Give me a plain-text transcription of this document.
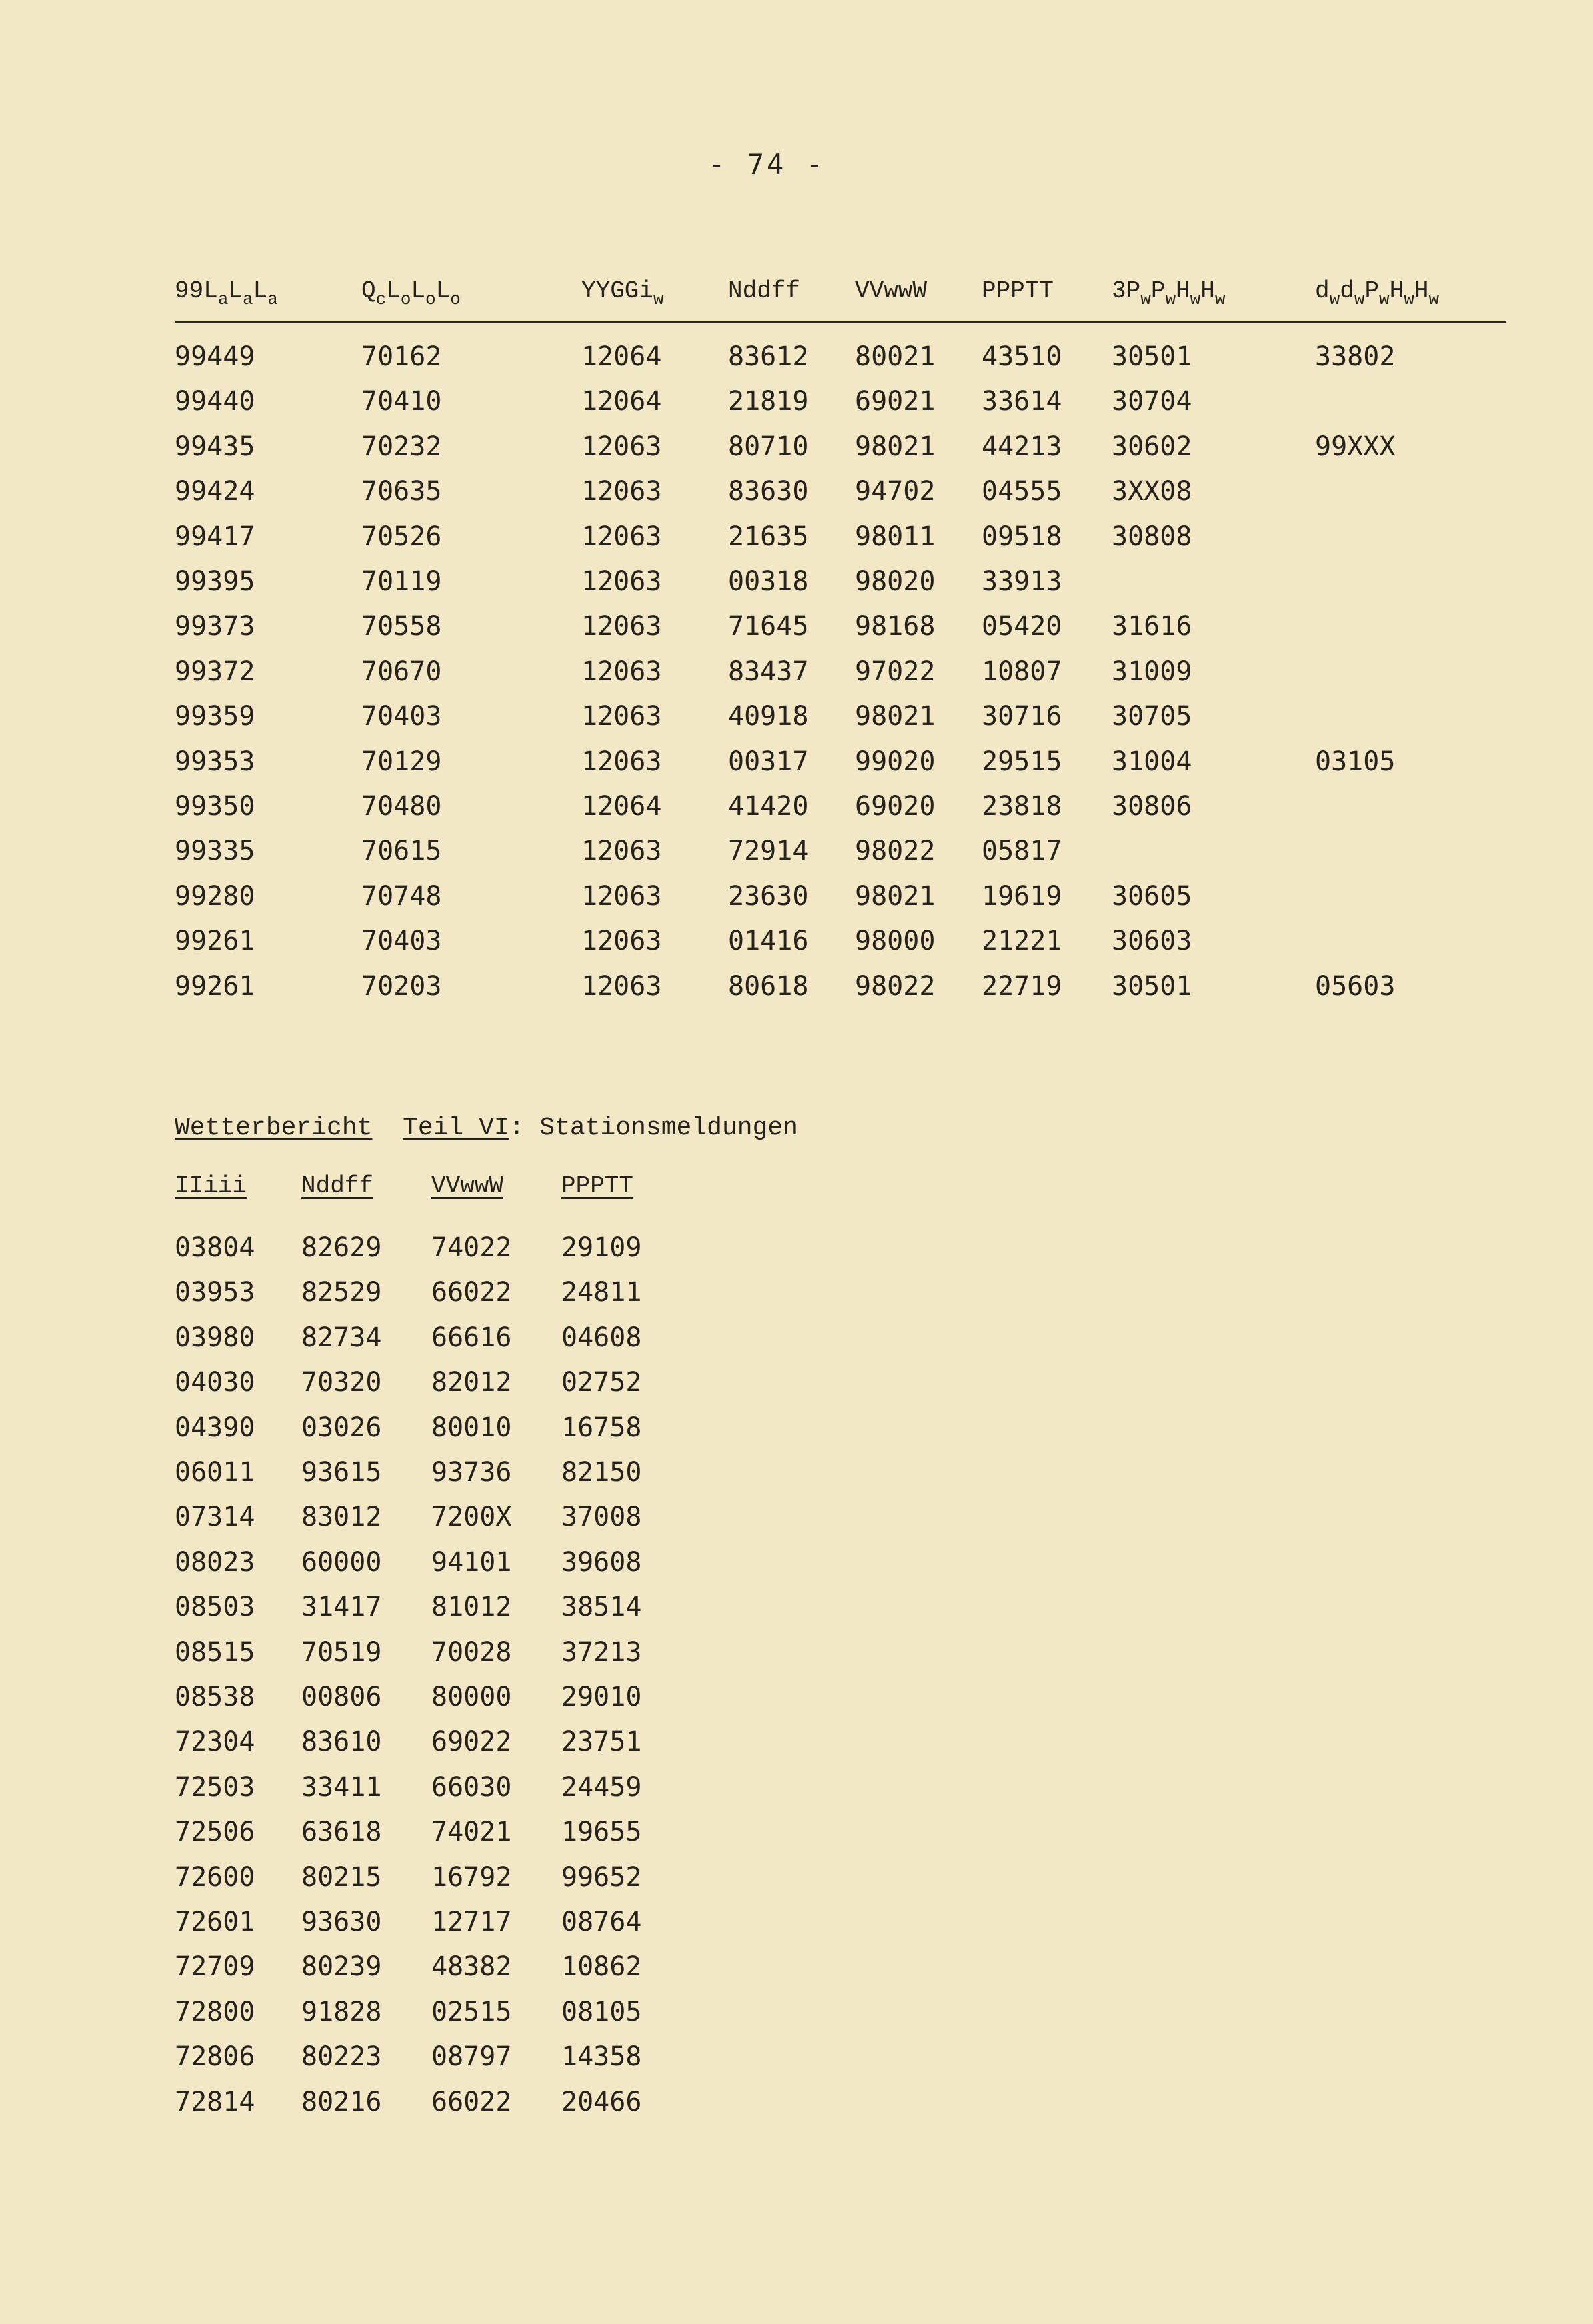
- 74 -
$99L_aL_aL_a$	$Q_cL_oL_oL_o$	YYGGi$_w$	Nddff VVwwW PPPTT $3P_wP_wH_wH_w$	$d_wd_wP_wH_wH_w$
99449	70162	12064 83612 80021 43510 30501	33802
99440	70410	12064 21819 69021 33614 30704
99435	70232	12063 80710 98021 44213 30602	99XXX
99424	70635	12063 83630 94702 04555 3XX08
99417	70526	12063 21635 98011 09518 30808
99395	70119	12063 00318 98020 33913
99373	70558	12063 71645 98168 05420 31616
99372	70670	12063 83437 97022 10807 31009
99359	70403	12063 40918 98021 30716 30705
99353	70129	12063 00317 99020 29515 31004	03105
99350	70480	12064 41420 69020 23818 30806
99335	70615	12063 72914 98022 05817
99280	70748	12063 23630 98021 19619 30605
99261	70403	12063 01416 98000 21221 30603
99261	70203	12063 80618 98022 22719 30501	05603
Wetterbericht Teil VI: Stationsmeldungen
IIiii Nddff VVwwW PPPTT
03804 82629 74022 29109
03953 82529 66022 24811
03980 82734 66616 04608
04030 70320 82012 02752
04390 03026 80010 16758
06011 93615 93736 82150
07314 83012 7200X 37008
08023 60000 94101 39608
08503 31417 81012 38514
08515 70519 70028 37213
08538 00806 80000 29010
72304 83610 69022 23751
72503 33411 66030 24459
72506 63618 74021 19655
72600 80215 16792 99652
72601 93630 12717 08764
72709 80239 48382 10862
72800 91828 02515 08105
72806 80223 08797 14358
72814 80216 66022 20466
